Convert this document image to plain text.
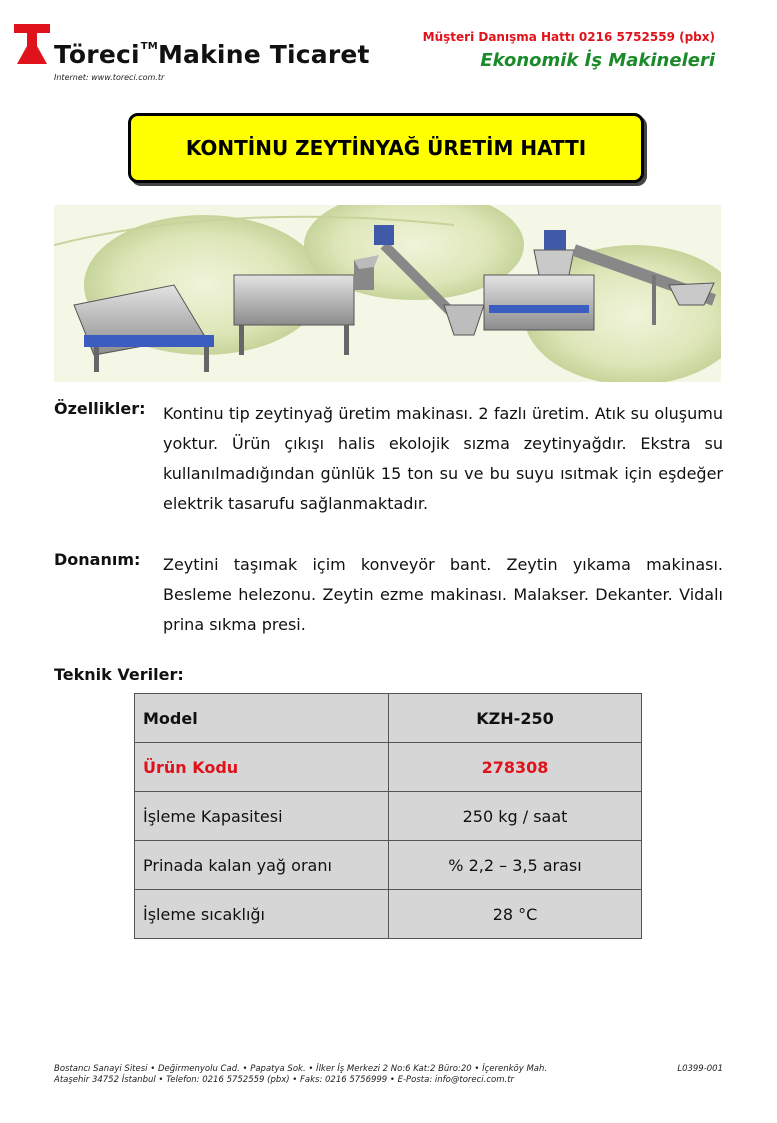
Töreci™Makine Ticaret
Internet: www.toreci.com.tr
Müşteri Danışma Hattı 0216 5752559 (pbx)
Ekonomik İş Makineleri
KONTİNU ZEYTİNYAĞ ÜRETİM HATTI
Özellikler: Kontinu tip zeytinyağ üretim makinası. 2 fazlı üretim. Atık su oluşumu yoktur. Ürün çıkışı halis ekolojik sızma zeytinyağdır. Ekstra su kullanılmadığından günlük 15 ton su ve bu suyu ısıtmak için eşdeğer elektrik tasarufu sağlanmaktadır.
Donanım: Zeytini taşımak içim konveyör bant. Zeytin yıkama makinası. Besleme helezonu. Zeytin ezme makinası. Malakser. Dekanter. Vidalı prina sıkma presi.
Teknik Veriler:
Model	KZH-250
Ürün Kodu	278308
İşleme Kapasitesi	250 kg / saat
Prinada kalan yağ oranı	% 2,2 – 3,5 arası
İşleme sıcaklığı	28 °C
Bostancı Sanayi Sitesi • Değirmenyolu Cad. • Papatya Sok. • İlker İş Merkezi 2 No:6 Kat:2 Büro:20 • İçerenköy Mah.
Ataşehir 34752 İstanbul • Telefon: 0216 5752559 (pbx) • Faks: 0216 5756999 • E-Posta: info@toreci.com.tr
L0399-001
